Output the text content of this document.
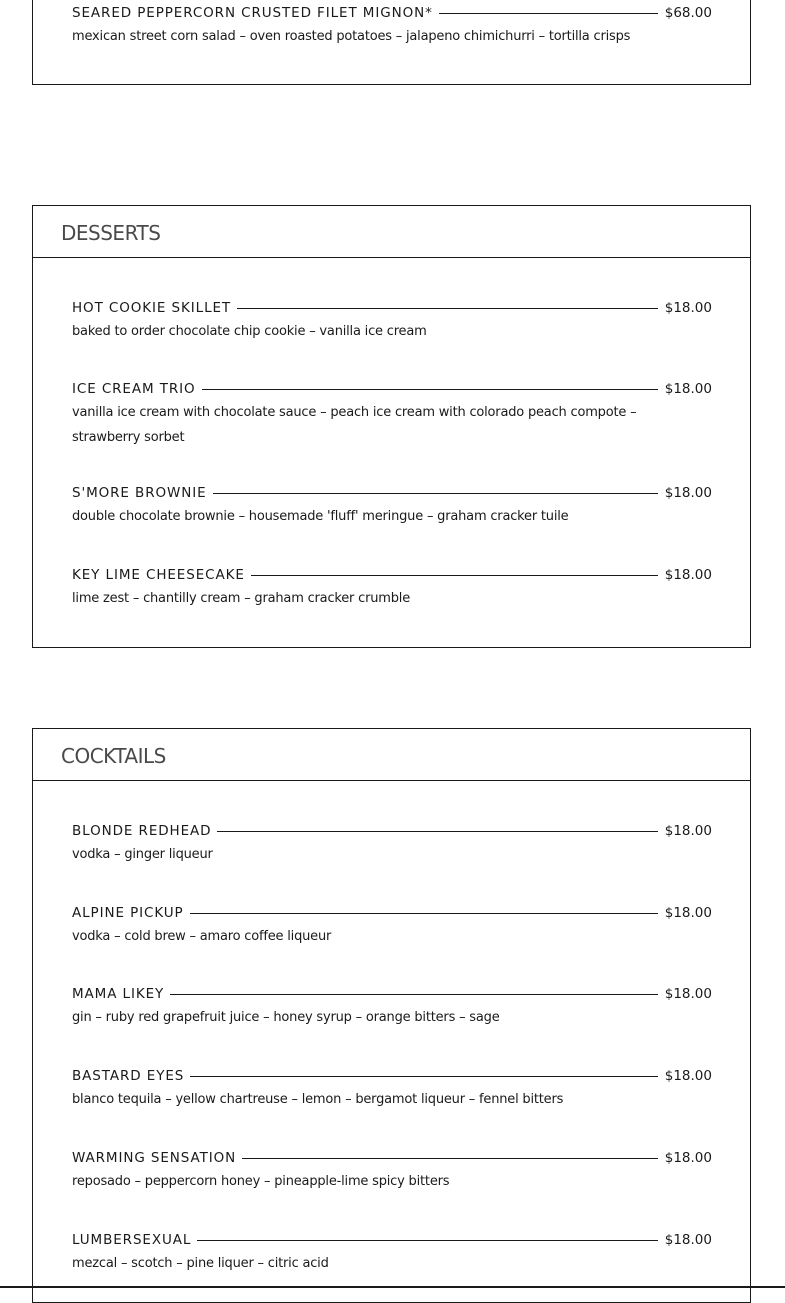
SEARED PEPPERCORN CRUSTED FILET MIGNON*	$68.00

mexican street corn salad – oven roasted potatoes – jalapeno chimichurri – tortilla crisps

DESSERTS
HOT COOKIE SKILLET	$18.00

baked to order chocolate chip cookie – vanilla ice cream

ICE CREAM TRIO	$18.00

vanilla ice cream with chocolate sauce – peach ice cream with colorado peach compote – strawberry sorbet

S'MORE BROWNIE	$18.00

double chocolate brownie – housemade 'fluff' meringue – graham cracker tuile

KEY LIME CHEESECAKE	$18.00

lime zest – chantilly cream – graham cracker crumble

COCKTAILS
BLONDE REDHEAD	$18.00

vodka – ginger liqueur

ALPINE PICKUP	$18.00

vodka – cold brew – amaro coffee liqueur

MAMA LIKEY	$18.00

gin – ruby red grapefruit juice – honey syrup – orange bitters – sage

BASTARD EYES	$18.00

blanco tequila – yellow chartreuse – lemon – bergamot liqueur – fennel bitters

WARMING SENSATION	$18.00

reposado – peppercorn honey – pineapple-lime spicy bitters

LUMBERSEXUAL	$18.00

mezcal – scotch – pine liquer – citric acid
